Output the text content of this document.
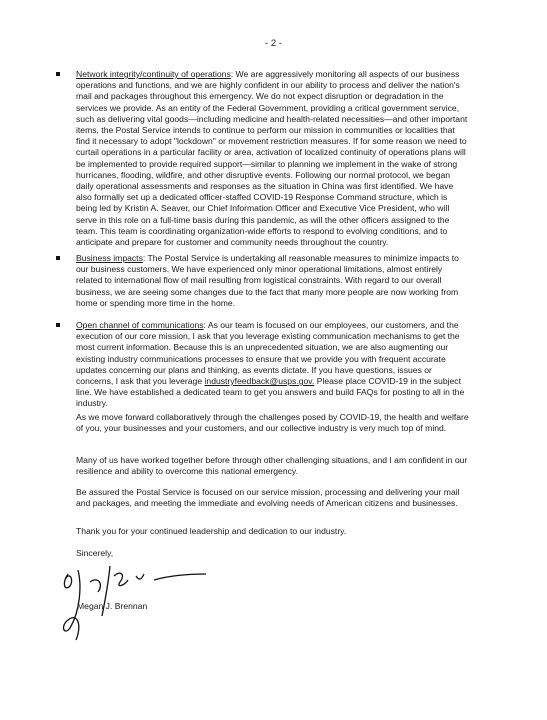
- 2 -
Network integrity/continuity of operations: We are aggressively monitoring all aspects of our business operations and functions, and we are highly confident in our ability to process and deliver the nation's mail and packages throughout this emergency. We do not expect disruption or degradation in the services we provide. As an entity of the Federal Government, providing a critical government service, such as delivering vital goods—including medicine and health-related necessities—and other important items, the Postal Service intends to continue to perform our mission in communities or localities that find it necessary to adopt "lockdown" or movement restriction measures. If for some reason we need to curtail operations in a particular facility or area, activation of localized continuity of operations plans will be implemented to provide required support—similar to planning we implement in the wake of strong hurricanes, flooding, wildfire, and other disruptive events. Following our normal protocol, we began daily operational assessments and responses as the situation in China was first identified. We have also formally set up a dedicated officer-staffed COVID-19 Response Command structure, which is being led by Kristin A. Seaver, our Chief Information Officer and Executive Vice President, who will serve in this role on a full-time basis during this pandemic, as will the other officers assigned to the team. This team is coordinating organization-wide efforts to respond to evolving conditions, and to anticipate and prepare for customer and community needs throughout the country.
Business impacts: The Postal Service is undertaking all reasonable measures to minimize impacts to our business customers. We have experienced only minor operational limitations, almost entirely related to international flow of mail resulting from logistical constraints. With regard to our overall business, we are seeing some changes due to the fact that many more people are now working from home or spending more time in the home.
Open channel of communications: As our team is focused on our employees, our customers, and the execution of our core mission, I ask that you leverage existing communication mechanisms to get the most current information. Because this is an unprecedented situation, we are also augmenting our existing industry communications processes to ensure that we provide you with frequent accurate updates concerning our plans and thinking, as events dictate. If you have questions, issues or concerns, I ask that you leverage industryfeedback@usps.gov. Please place COVID-19 in the subject line. We have established a dedicated team to get you answers and build FAQs for posting to all in the industry.
As we move forward collaboratively through the challenges posed by COVID-19, the health and welfare of you, your businesses and your customers, and our collective industry is very much top of mind.
Many of us have worked together before through other challenging situations, and I am confident in our resilience and ability to overcome this national emergency.
Be assured the Postal Service is focused on our service mission, processing and delivering your mail and packages, and meeting the immediate and evolving needs of American citizens and businesses.
Thank you for your continued leadership and dedication to our industry.
Sincerely,
Megan J. Brennan
